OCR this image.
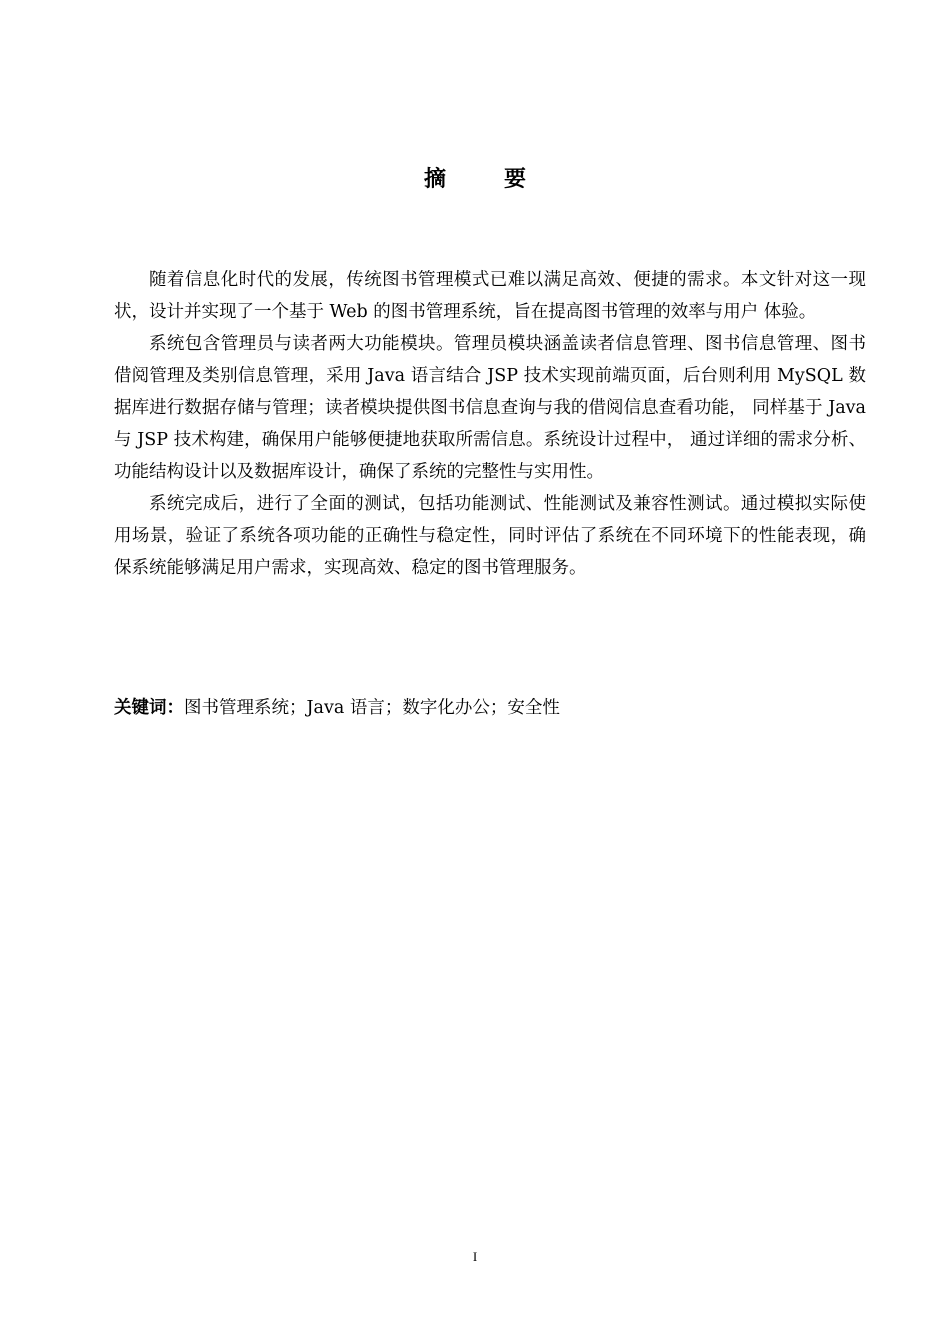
摘　要

随着信息化时代的发展，传统图书管理模式已难以满足高效、便捷的需求。本文针对这一现状，设计并实现了一个基于 Web 的图书管理系统，旨在提高图书管理的效率与用户 体验。

系统包含管理员与读者两大功能模块。管理员模块涵盖读者信息管理、图书信息管理、图书借阅管理及类别信息管理，采用 Java 语言结合 JSP 技术实现前端页面，后台则利用 MySQL 数据库进行数据存储与管理；读者模块提供图书信息查询与我的借阅信息查看功能， 同样基于 Java 与 JSP 技术构建，确保用户能够便捷地获取所需信息。系统设计过程中， 通过详细的需求分析、功能结构设计以及数据库设计，确保了系统的完整性与实用性。

系统完成后，进行了全面的测试，包括功能测试、性能测试及兼容性测试。通过模拟实际使用场景，验证了系统各项功能的正确性与稳定性，同时评估了系统在不同环境下的性能表现，确保系统能够满足用户需求，实现高效、稳定的图书管理服务。

关键词：图书管理系统；Java 语言；数字化办公；安全性
I
